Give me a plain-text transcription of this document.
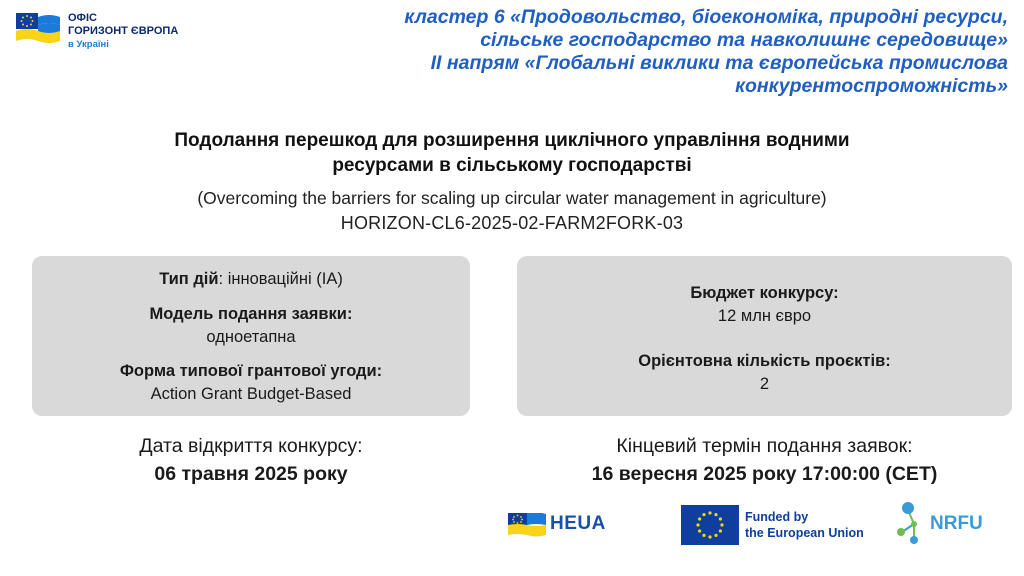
ОФІС
ГОРИЗОНТ ЄВРОПА
в Україні
кластер 6 «Продовольство, біоекономіка, природні ресурси,
сільське господарство та навколишнє середовище»
ІІ напрям «Глобальні виклики та європейська промислова
конкурентоспроможність»
Подолання перешкод для розширення циклічного управління водними
ресурсами в сільському господарстві
(Overcoming the barriers for scaling up circular water management in agriculture)
HORIZON-CL6-2025-02-FARM2FORK-03
Тип дій: інноваційні (IA)
Модель подання заявки:
одноетапна
Форма типової грантової угоди:
Action Grant Budget-Based
Бюджет конкурсу:
12 млн євро
Орієнтовна кількість проєктів:
2
Дата відкриття конкурсу:
06 травня 2025 року
Кінцевий термін подання заявок:
16 вересня 2025 року 17:00:00 (CET)
HEUA	Funded by
the European Union	NRFU
